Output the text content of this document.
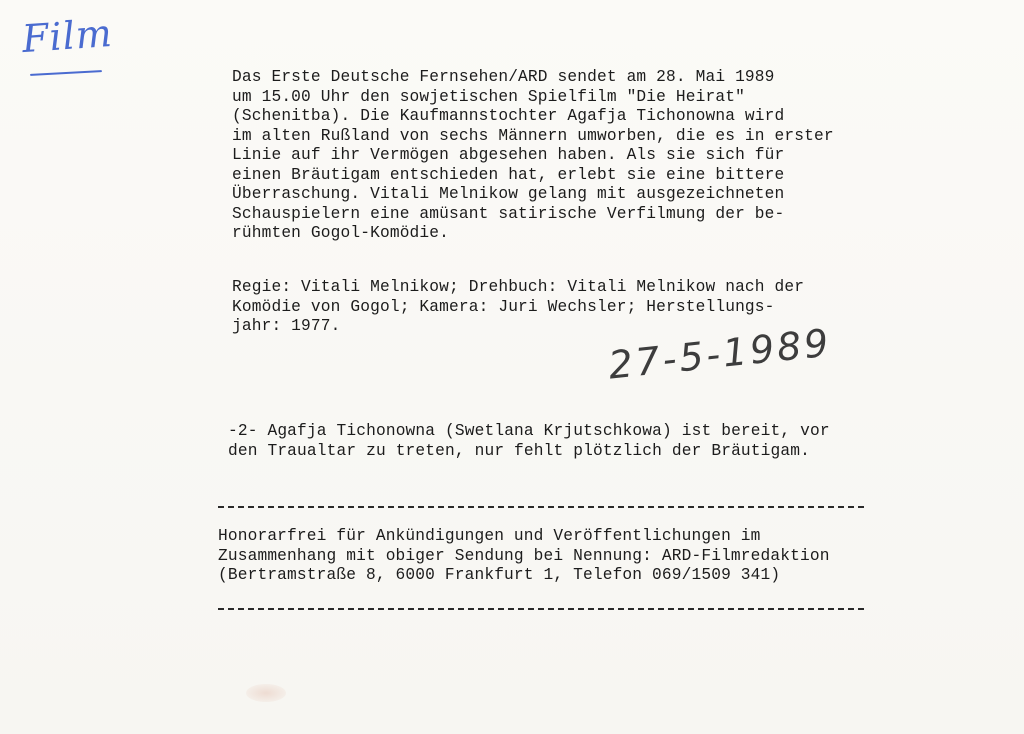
Film
Das Erste Deutsche Fernsehen/ARD sendet am 28. Mai 1989
um 15.00 Uhr den sowjetischen Spielfilm "Die Heirat"
(Schenitba). Die Kaufmannstochter Agafja Tichonowna wird
im alten Rußland von sechs Männern umworben, die es in erster
Linie auf ihr Vermögen abgesehen haben. Als sie sich für
einen Bräutigam entschieden hat, erlebt sie eine bittere
Überraschung. Vitali Melnikow gelang mit ausgezeichneten
Schauspielern eine amüsant satirische Verfilmung der be-
rühmten Gogol-Komödie.
Regie: Vitali Melnikow; Drehbuch: Vitali Melnikow nach der
Komödie von Gogol; Kamera: Juri Wechsler; Herstellungs-
jahr: 1977.	27-5-1989
-2- Agafja Tichonowna (Swetlana Krjutschkowa) ist bereit, vor
den Traualtar zu treten, nur fehlt plötzlich der Bräutigam.
Honorarfrei für Ankündigungen und Veröffentlichungen im
Zusammenhang mit obiger Sendung bei Nennung: ARD-Filmredaktion
(Bertramstraße 8, 6000 Frankfurt 1, Telefon 069/1509 341)
